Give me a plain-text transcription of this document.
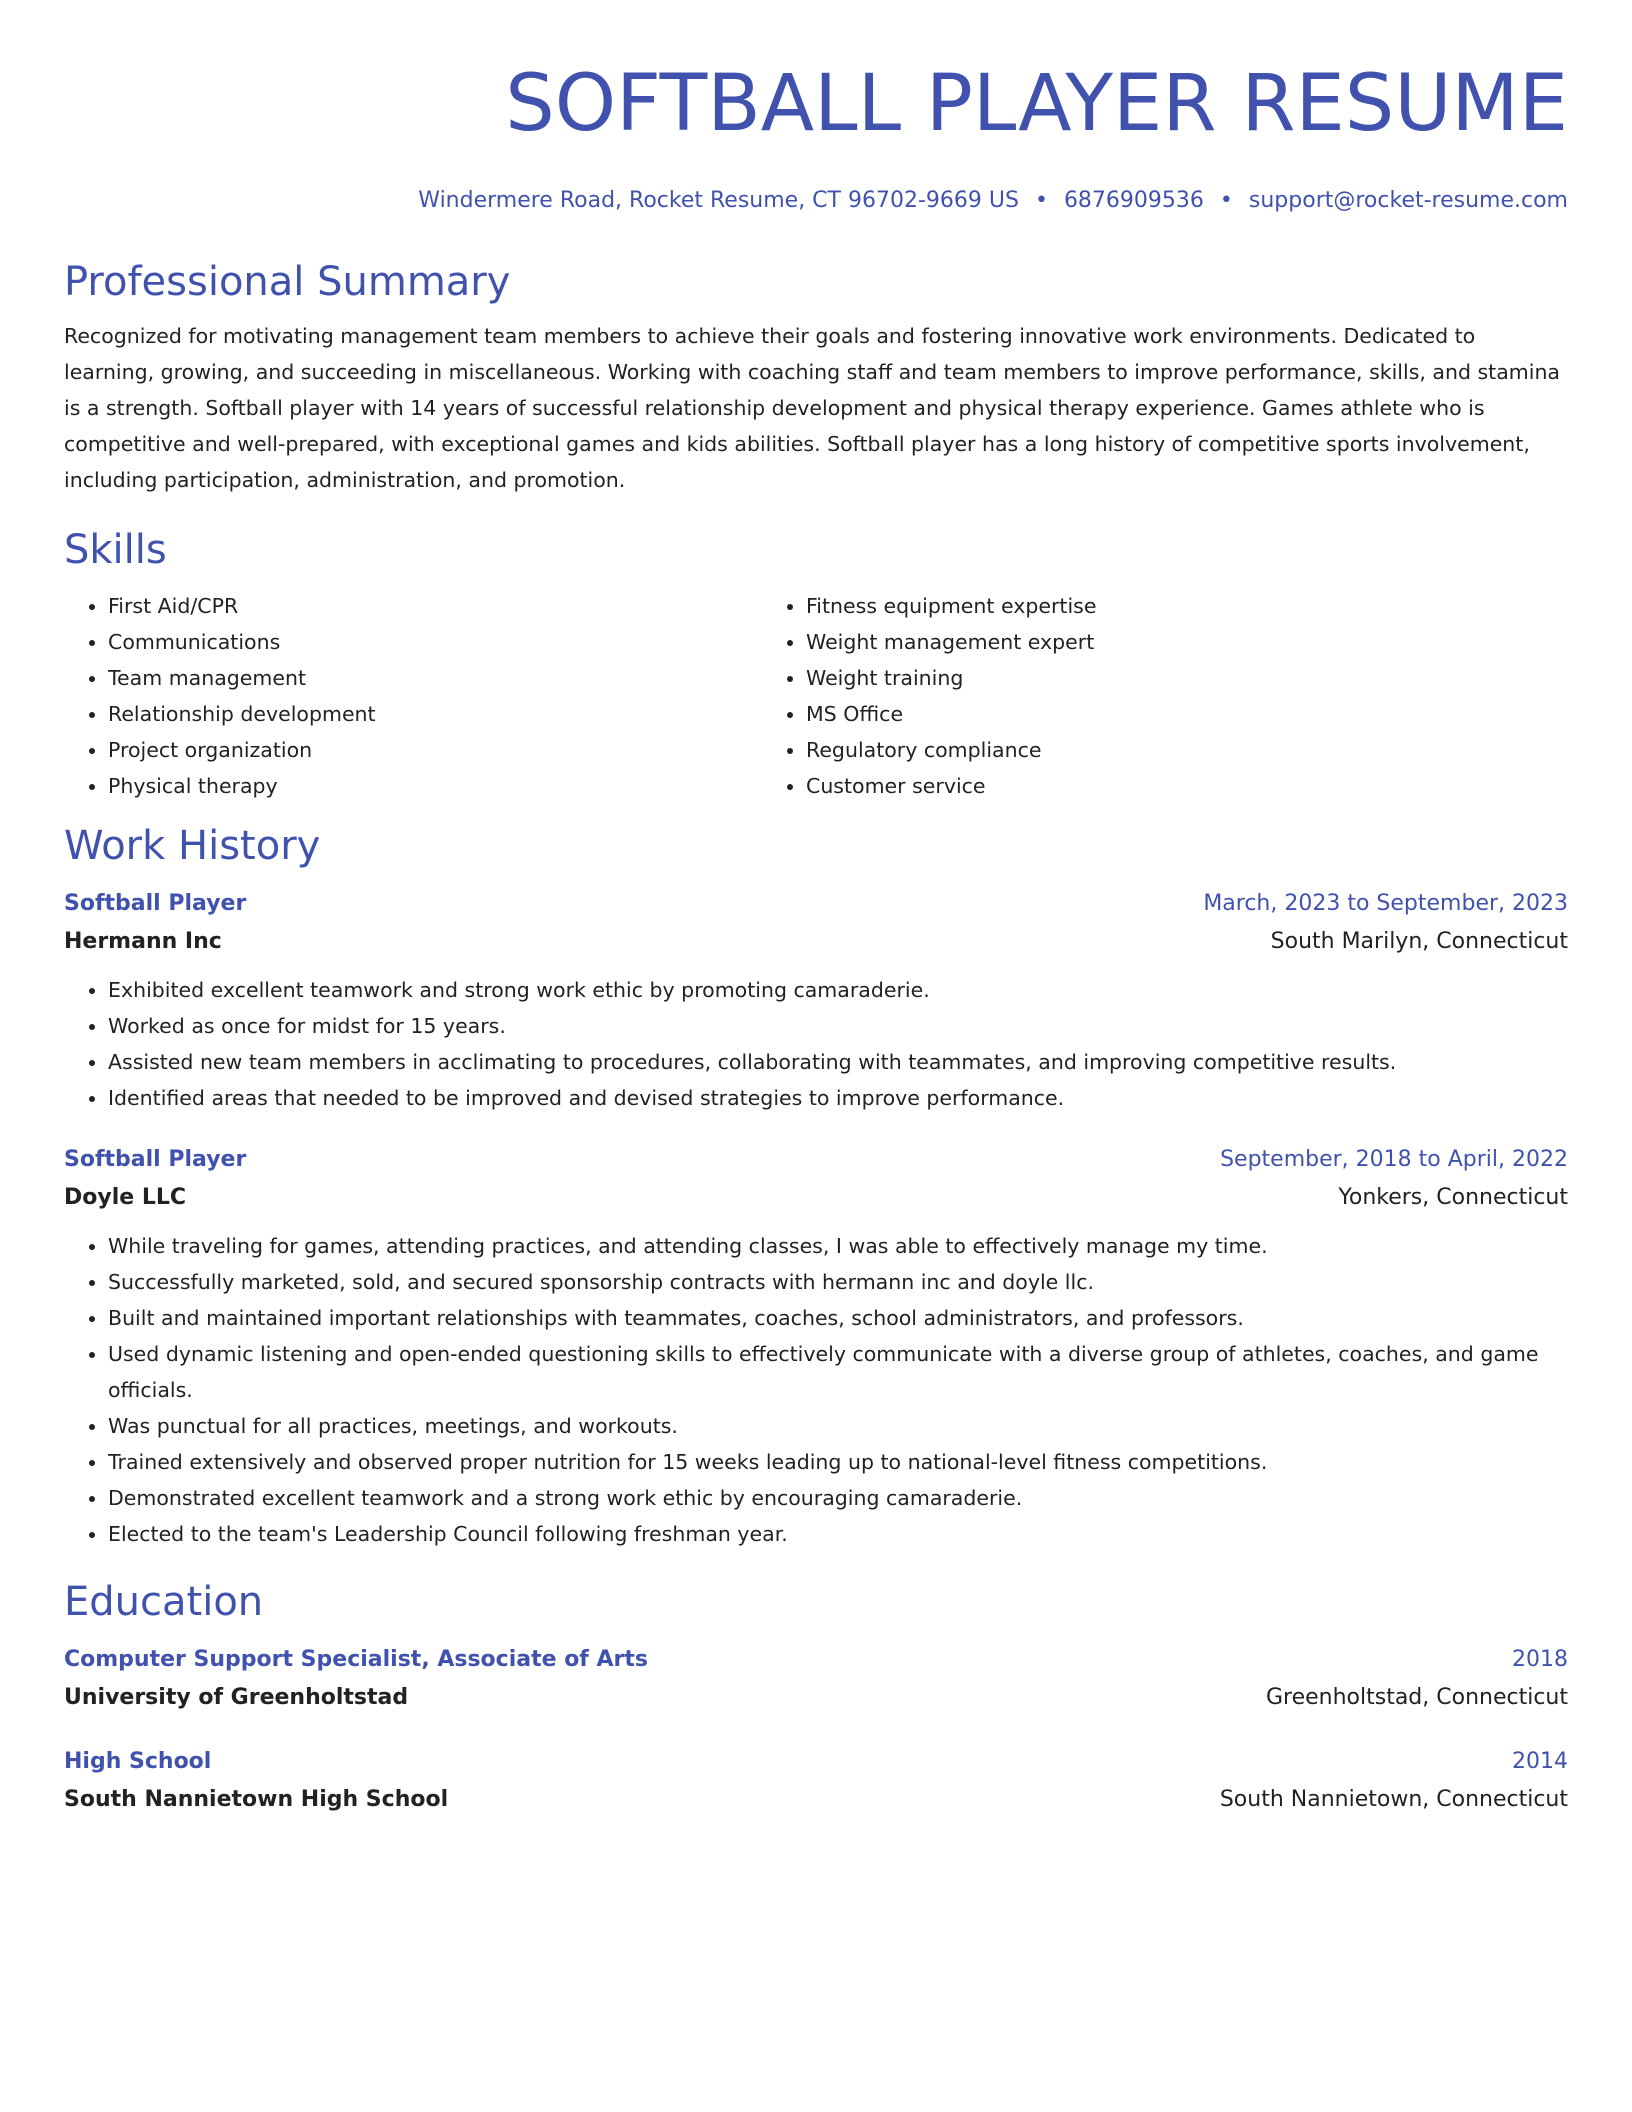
SOFTBALL PLAYER RESUME
Windermere Road, Rocket Resume, CT 96702-9669 US • 6876909536 • support@rocket-resume.com
Professional Summary
Recognized for motivating management team members to achieve their goals and fostering innovative work environments. Dedicated to learning, growing, and succeeding in miscellaneous. Working with coaching staff and team members to improve performance, skills, and stamina is a strength. Softball player with 14 years of successful relationship development and physical therapy experience. Games athlete who is competitive and well-prepared, with exceptional games and kids abilities. Softball player has a long history of competitive sports involvement, including participation, administration, and promotion.
Skills
• First Aid/CPR
• Communications
• Team management
• Relationship development
• Project organization
• Physical therapy
• Fitness equipment expertise
• Weight management expert
• Weight training
• MS Office
• Regulatory compliance
• Customer service
Work History
Softball Player	March, 2023 to September, 2023
Hermann Inc	South Marilyn, Connecticut
• Exhibited excellent teamwork and strong work ethic by promoting camaraderie.
• Worked as once for midst for 15 years.
• Assisted new team members in acclimating to procedures, collaborating with teammates, and improving competitive results.
• Identified areas that needed to be improved and devised strategies to improve performance.
Softball Player	September, 2018 to April, 2022
Doyle LLC	Yonkers, Connecticut
• While traveling for games, attending practices, and attending classes, I was able to effectively manage my time.
• Successfully marketed, sold, and secured sponsorship contracts with hermann inc and doyle llc.
• Built and maintained important relationships with teammates, coaches, school administrators, and professors.
• Used dynamic listening and open-ended questioning skills to effectively communicate with a diverse group of athletes, coaches, and game officials.
• Was punctual for all practices, meetings, and workouts.
• Trained extensively and observed proper nutrition for 15 weeks leading up to national-level fitness competitions.
• Demonstrated excellent teamwork and a strong work ethic by encouraging camaraderie.
• Elected to the team's Leadership Council following freshman year.
Education
Computer Support Specialist, Associate of Arts	2018
University of Greenholtstad	Greenholtstad, Connecticut
High School	2014
South Nannietown High School	South Nannietown, Connecticut
